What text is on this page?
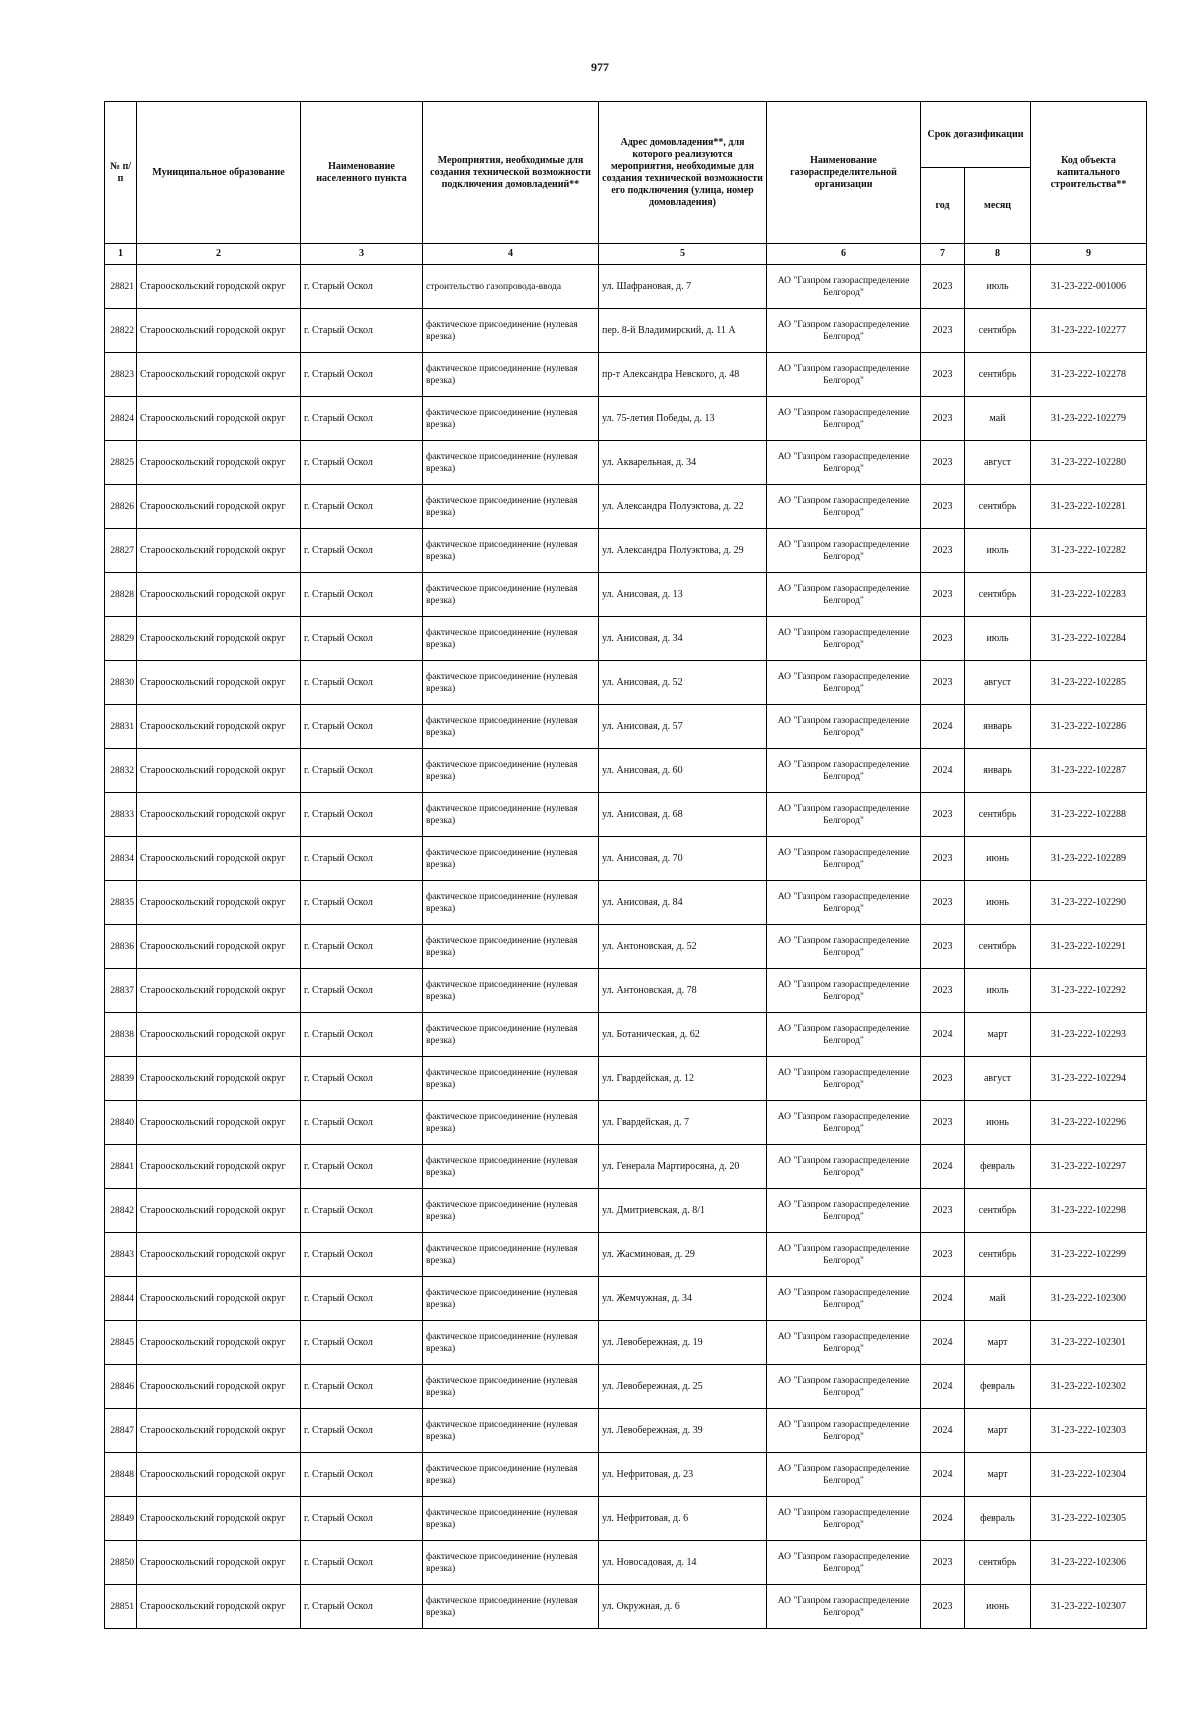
977
№ п/п	Муниципальное образование	Наименование населенного пункта	Мероприятия, необходимые для создания технической возможности подключения домовладений**	Адрес домовладения**, для которого реализуются мероприятия, необходимые для создания технической возможности его подключения (улица, номер домовладения)	Наименование газораспределительной организации	Срок догазификации		Код объекта капитального строительства**
						год	месяц	
1	2	3	4	5	6	7	8	9
28821	Старооскольский городской округ	г. Старый Оскол	строительство газопровода-ввода	ул. Шафрановая, д. 7	АО "Газпром газораспределение Белгород"	2023	июль	31-23-222-001006
28822	Старооскольский городской округ	г. Старый Оскол	фактическое присоединение (нулевая врезка)	пер. 8-й Владимирский, д. 11 А	АО "Газпром газораспределение Белгород"	2023	сентябрь	31-23-222-102277
28823	Старооскольский городской округ	г. Старый Оскол	фактическое присоединение (нулевая врезка)	пр-т Александра Невского, д. 48	АО "Газпром газораспределение Белгород"	2023	сентябрь	31-23-222-102278
28824	Старооскольский городской округ	г. Старый Оскол	фактическое присоединение (нулевая врезка)	ул. 75-летия Победы, д. 13	АО "Газпром газораспределение Белгород"	2023	май	31-23-222-102279
28825	Старооскольский городской округ	г. Старый Оскол	фактическое присоединение (нулевая врезка)	ул. Акварельная, д. 34	АО "Газпром газораспределение Белгород"	2023	август	31-23-222-102280
28826	Старооскольский городской округ	г. Старый Оскол	фактическое присоединение (нулевая врезка)	ул. Александра Полуэктова, д. 22	АО "Газпром газораспределение Белгород"	2023	сентябрь	31-23-222-102281
28827	Старооскольский городской округ	г. Старый Оскол	фактическое присоединение (нулевая врезка)	ул. Александра Полуэктова, д. 29	АО "Газпром газораспределение Белгород"	2023	июль	31-23-222-102282
28828	Старооскольский городской округ	г. Старый Оскол	фактическое присоединение (нулевая врезка)	ул. Анисовая, д. 13	АО "Газпром газораспределение Белгород"	2023	сентябрь	31-23-222-102283
28829	Старооскольский городской округ	г. Старый Оскол	фактическое присоединение (нулевая врезка)	ул. Анисовая, д. 34	АО "Газпром газораспределение Белгород"	2023	июль	31-23-222-102284
28830	Старооскольский городской округ	г. Старый Оскол	фактическое присоединение (нулевая врезка)	ул. Анисовая, д. 52	АО "Газпром газораспределение Белгород"	2023	август	31-23-222-102285
28831	Старооскольский городской округ	г. Старый Оскол	фактическое присоединение (нулевая врезка)	ул. Анисовая, д. 57	АО "Газпром газораспределение Белгород"	2024	январь	31-23-222-102286
28832	Старооскольский городской округ	г. Старый Оскол	фактическое присоединение (нулевая врезка)	ул. Анисовая, д. 60	АО "Газпром газораспределение Белгород"	2024	январь	31-23-222-102287
28833	Старооскольский городской округ	г. Старый Оскол	фактическое присоединение (нулевая врезка)	ул. Анисовая, д. 68	АО "Газпром газораспределение Белгород"	2023	сентябрь	31-23-222-102288
28834	Старооскольский городской округ	г. Старый Оскол	фактическое присоединение (нулевая врезка)	ул. Анисовая, д. 70	АО "Газпром газораспределение Белгород"	2023	июнь	31-23-222-102289
28835	Старооскольский городской округ	г. Старый Оскол	фактическое присоединение (нулевая врезка)	ул. Анисовая, д. 84	АО "Газпром газораспределение Белгород"	2023	июнь	31-23-222-102290
28836	Старооскольский городской округ	г. Старый Оскол	фактическое присоединение (нулевая врезка)	ул. Антоновская, д. 52	АО "Газпром газораспределение Белгород"	2023	сентябрь	31-23-222-102291
28837	Старооскольский городской округ	г. Старый Оскол	фактическое присоединение (нулевая врезка)	ул. Антоновская, д. 78	АО "Газпром газораспределение Белгород"	2023	июль	31-23-222-102292
28838	Старооскольский городской округ	г. Старый Оскол	фактическое присоединение (нулевая врезка)	ул. Ботаническая, д. 62	АО "Газпром газораспределение Белгород"	2024	март	31-23-222-102293
28839	Старооскольский городской округ	г. Старый Оскол	фактическое присоединение (нулевая врезка)	ул. Гвардейская, д. 12	АО "Газпром газораспределение Белгород"	2023	август	31-23-222-102294
28840	Старооскольский городской округ	г. Старый Оскол	фактическое присоединение (нулевая врезка)	ул. Гвардейская, д. 7	АО "Газпром газораспределение Белгород"	2023	июнь	31-23-222-102296
28841	Старооскольский городской округ	г. Старый Оскол	фактическое присоединение (нулевая врезка)	ул. Генерала Мартиросяна, д. 20	АО "Газпром газораспределение Белгород"	2024	февраль	31-23-222-102297
28842	Старооскольский городской округ	г. Старый Оскол	фактическое присоединение (нулевая врезка)	ул. Дмитриевская, д. 8/1	АО "Газпром газораспределение Белгород"	2023	сентябрь	31-23-222-102298
28843	Старооскольский городской округ	г. Старый Оскол	фактическое присоединение (нулевая врезка)	ул. Жасминовая, д. 29	АО "Газпром газораспределение Белгород"	2023	сентябрь	31-23-222-102299
28844	Старооскольский городской округ	г. Старый Оскол	фактическое присоединение (нулевая врезка)	ул. Жемчужная, д. 34	АО "Газпром газораспределение Белгород"	2024	май	31-23-222-102300
28845	Старооскольский городской округ	г. Старый Оскол	фактическое присоединение (нулевая врезка)	ул. Левобережная, д. 19	АО "Газпром газораспределение Белгород"	2024	март	31-23-222-102301
28846	Старооскольский городской округ	г. Старый Оскол	фактическое присоединение (нулевая врезка)	ул. Левобережная, д. 25	АО "Газпром газораспределение Белгород"	2024	февраль	31-23-222-102302
28847	Старооскольский городской округ	г. Старый Оскол	фактическое присоединение (нулевая врезка)	ул. Левобережная, д. 39	АО "Газпром газораспределение Белгород"	2024	март	31-23-222-102303
28848	Старооскольский городской округ	г. Старый Оскол	фактическое присоединение (нулевая врезка)	ул. Нефритовая, д. 23	АО "Газпром газораспределение Белгород"	2024	март	31-23-222-102304
28849	Старооскольский городской округ	г. Старый Оскол	фактическое присоединение (нулевая врезка)	ул. Нефритовая, д. 6	АО "Газпром газораспределение Белгород"	2024	февраль	31-23-222-102305
28850	Старооскольский городской округ	г. Старый Оскол	фактическое присоединение (нулевая врезка)	ул. Новосадовая, д. 14	АО "Газпром газораспределение Белгород"	2023	сентябрь	31-23-222-102306
28851	Старооскольский городской округ	г. Старый Оскол	фактическое присоединение (нулевая врезка)	ул. Окружная, д. 6	АО "Газпром газораспределение Белгород"	2023	июнь	31-23-222-102307
